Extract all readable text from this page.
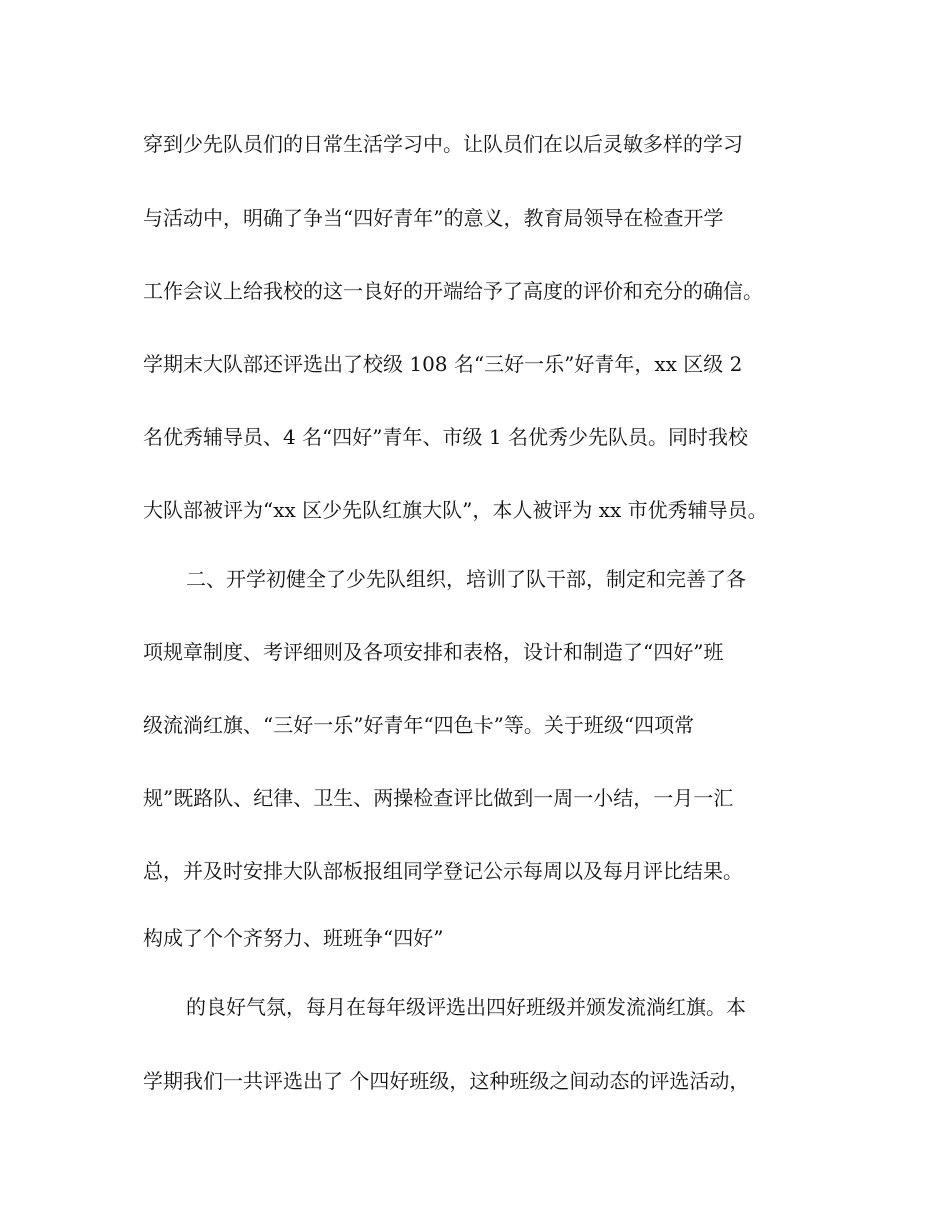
穿到少先队员们的日常生活学习中。让队员们在以后灵敏多样的学习

与活动中，明确了争当“四好青年”的意义，教育局领导在检查开学

工作会议上给我校的这一良好的开端给予了高度的评价和充分的确信。

学期末大队部还评选出了校级 108 名“三好一乐”好青年，xx 区级 2

名优秀辅导员、4 名“四好”青年、市级 1 名优秀少先队员。同时我校

大队部被评为“xx 区少先队红旗大队”，本人被评为 xx 市优秀辅导员。

二、开学初健全了少先队组织，培训了队干部，制定和完善了各

项规章制度、考评细则及各项安排和表格，设计和制造了“四好”班

级流淌红旗、“三好一乐”好青年“四色卡”等。关于班级“四项常

规”既路队、纪律、卫生、两操检查评比做到一周一小结，一月一汇

总，并及时安排大队部板报组同学登记公示每周以及每月评比结果。

构成了个个齐努力、班班争“四好”

的良好气氛，每月在每年级评选出四好班级并颁发流淌红旗。本

学期我们一共评选出了 个四好班级，这种班级之间动态的评选活动，
